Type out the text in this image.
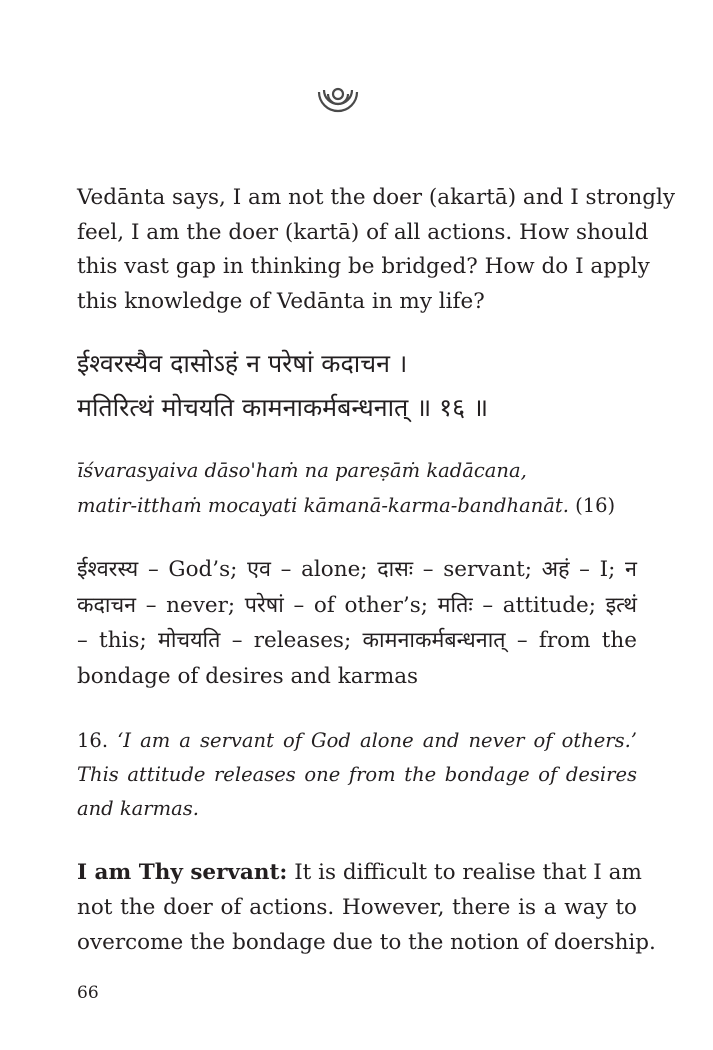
Vedānta says, I am not the doer (akartā) and I strongly
feel, I am the doer (kartā) of all actions. How should
this vast gap in thinking be bridged? How do I apply
this knowledge of Vedānta in my life?
ईश्वरस्यैव दासोऽहं न परेषां कदाचन ।
मतिरित्थं मोचयति कामनाकर्मबन्धनात् ॥ १६ ॥
īśvarasyaiva dāso'haṁ na pareṣāṁ kadācana,
matir-itthaṁ mocayati kāmanā-karma-bandhanāt. (16)
ईश्वरस्य – God’s; एव – alone; दासः – servant; अहं – I; न
कदाचन – never; परेषां – of other’s; मतिः – attitude; इत्थं
– this; मोचयति – releases; कामनाकर्मबन्धनात् – from the
bondage of desires and karmas
16. ‘I am a servant of God alone and never of others.’
This attitude releases one from the bondage of desires
and karmas.
I am Thy servant: It is difficult to realise that I am
not the doer of actions. However, there is a way to
overcome the bondage due to the notion of doership.
66
